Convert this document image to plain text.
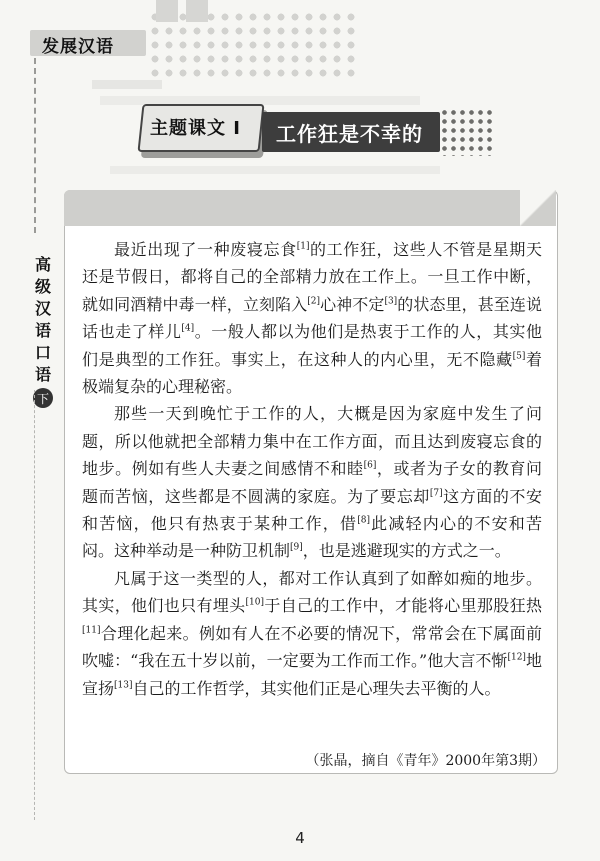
发展汉语
主题课文 I 工作狂是不幸的
高
级
汉
语
口
语
下

最近出现了一种废寝忘食[1]的工作狂，这些人不管是星期天还是节假日，都将自己的全部精力放在工作上。一旦工作中断，就如同酒精中毒一样，立刻陷入[2]心神不定[3]的状态里，甚至连说话也走了样儿[4]。一般人都以为他们是热衷于工作的人，其实他们是典型的工作狂。事实上，在这种人的内心里，无不隐藏[5]着极端复杂的心理秘密。

那些一天到晚忙于工作的人，大概是因为家庭中发生了问题，所以他就把全部精力集中在工作方面，而且达到废寝忘食的地步。例如有些人夫妻之间感情不和睦[6]，或者为子女的教育问题而苦恼，这些都是不圆满的家庭。为了要忘却[7]这方面的不安和苦恼，他只有热衷于某种工作，借[8]此减轻内心的不安和苦闷。这种举动是一种防卫机制[9]，也是逃避现实的方式之一。

凡属于这一类型的人，都对工作认真到了如醉如痴的地步。其实，他们也只有埋头[10]于自己的工作中，才能将心里那股狂热[11]合理化起来。例如有人在不必要的情况下，常常会在下属面前吹嘘：“我在五十岁以前，一定要为工作而工作。”他大言不惭[12]地宣扬[13]自己的工作哲学，其实他们正是心理失去平衡的人。

（张晶，摘自《青年》2000年第3期）
4
